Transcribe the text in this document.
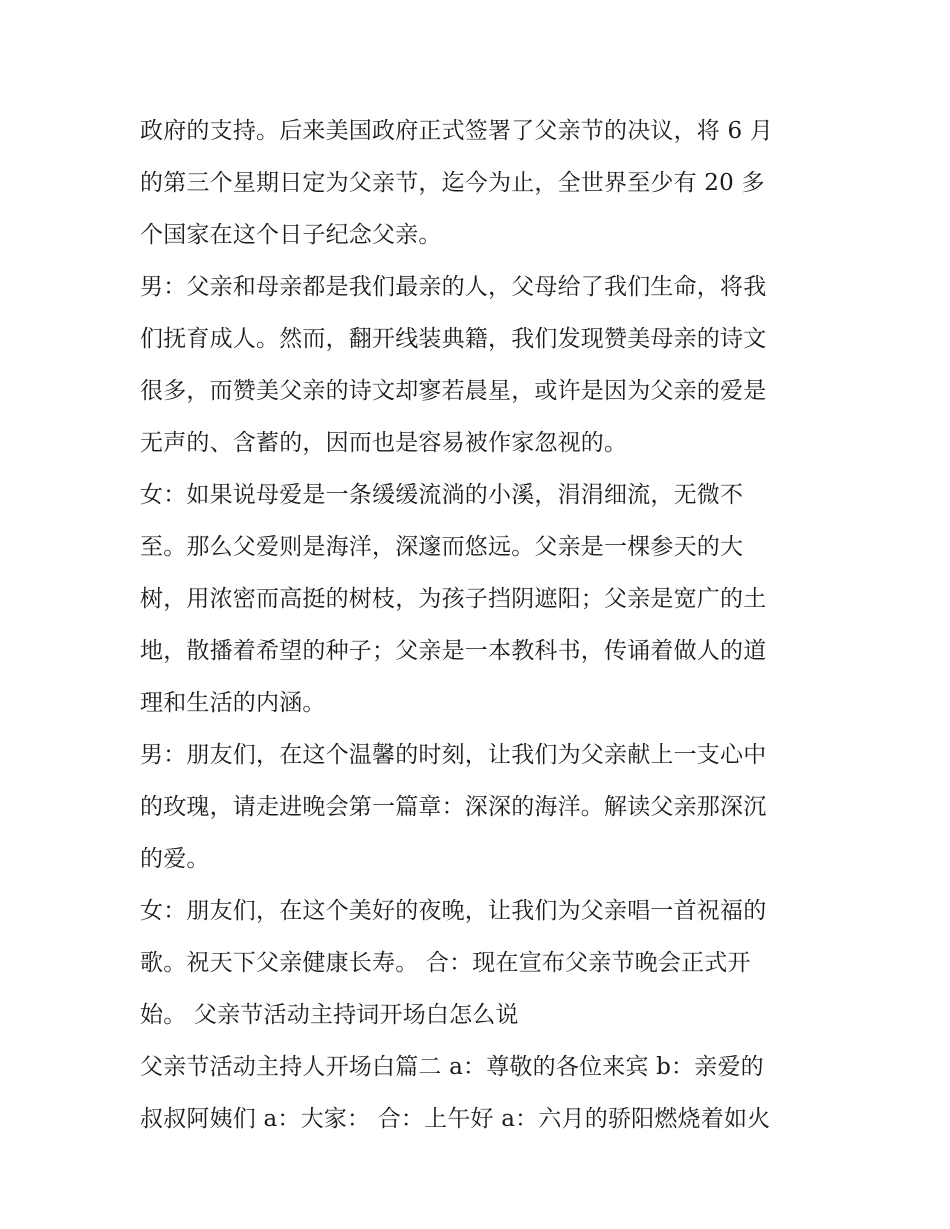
政府的支持。后来美国政府正式签署了父亲节的决议，将 6 月
的第三个星期日定为父亲节，迄今为止，全世界至少有 20 多
个国家在这个日子纪念父亲。
男：父亲和母亲都是我们最亲的人，父母给了我们生命，将我
们抚育成人。然而，翻开线装典籍，我们发现赞美母亲的诗文
很多，而赞美父亲的诗文却寥若晨星，或许是因为父亲的爱是
无声的、含蓄的，因而也是容易被作家忽视的。
女：如果说母爱是一条缓缓流淌的小溪，涓涓细流，无微不
至。那么父爱则是海洋，深邃而悠远。父亲是一棵参天的大
树，用浓密而高挺的树枝，为孩子挡阴遮阳；父亲是宽广的土
地，散播着希望的种子；父亲是一本教科书，传诵着做人的道
理和生活的内涵。
男：朋友们，在这个温馨的时刻，让我们为父亲献上一支心中
的玫瑰，请走进晚会第一篇章：深深的海洋。解读父亲那深沉
的爱。
女：朋友们，在这个美好的夜晚，让我们为父亲唱一首祝福的
歌。祝天下父亲健康长寿。 合：现在宣布父亲节晚会正式开
始。 父亲节活动主持词开场白怎么说
父亲节活动主持人开场白篇二 a：尊敬的各位来宾 b：亲爱的
叔叔阿姨们 a：大家： 合：上午好 a：六月的骄阳燃烧着如火
